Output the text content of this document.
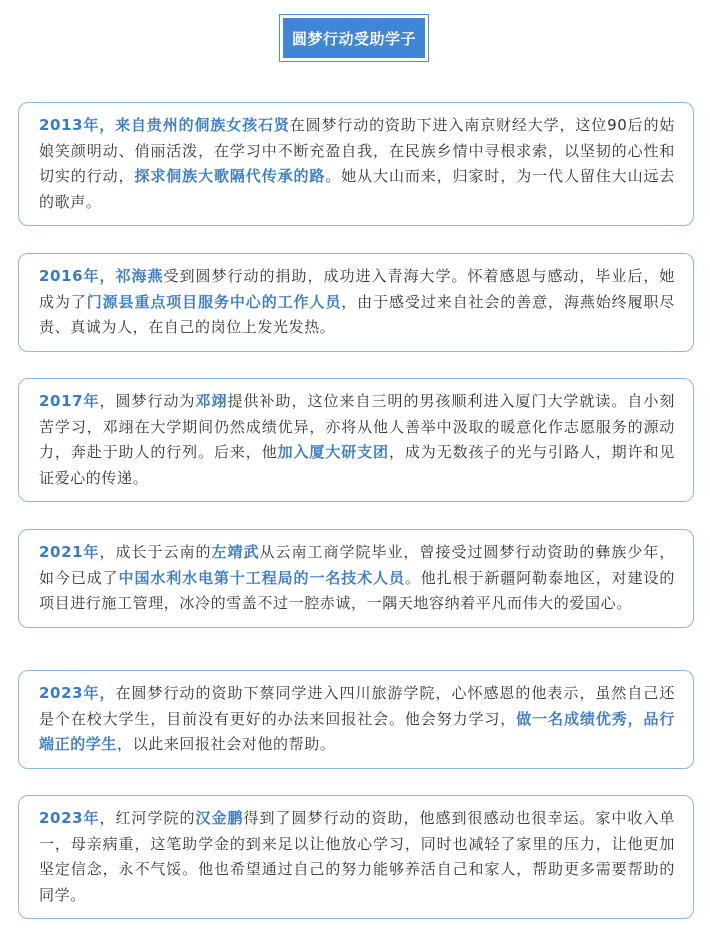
圆梦行动受助学子

2013年，来自贵州的侗族女孩石贤在圆梦行动的资助下进入南京财经大学，这位90后的姑娘笑颜明动、俏丽活泼，在学习中不断充盈自我，在民族乡情中寻根求索，以坚韧的心性和切实的行动，探求侗族大歌隔代传承的路。她从大山而来，归家时，为一代人留住大山远去的歌声。

2016年，祁海燕受到圆梦行动的捐助，成功进入青海大学。怀着感恩与感动，毕业后，她成为了门源县重点项目服务中心的工作人员，由于感受过来自社会的善意，海燕始终履职尽责、真诚为人，在自己的岗位上发光发热。

2017年，圆梦行动为邓翊提供补助，这位来自三明的男孩顺利进入厦门大学就读。自小刻苦学习，邓翊在大学期间仍然成绩优异，亦将从他人善举中汲取的暖意化作志愿服务的源动力，奔赴于助人的行列。后来，他加入厦大研支团，成为无数孩子的光与引路人，期许和见证爱心的传递。

2021年，成长于云南的左靖武从云南工商学院毕业，曾接受过圆梦行动资助的彝族少年，如今已成了中国水利水电第十工程局的一名技术人员。他扎根于新疆阿勒泰地区，对建设的项目进行施工管理，冰冷的雪盖不过一腔赤诚，一隅天地容纳着平凡而伟大的爱国心。

2023年，在圆梦行动的资助下蔡同学进入四川旅游学院，心怀感恩的他表示，虽然自己还是个在校大学生，目前没有更好的办法来回报社会。他会努力学习，做一名成绩优秀，品行端正的学生，以此来回报社会对他的帮助。

2023年，红河学院的汉金鹏得到了圆梦行动的资助，他感到很感动也很幸运。家中收入单一，母亲病重，这笔助学金的到来足以让他放心学习，同时也减轻了家里的压力，让他更加坚定信念，永不气馁。他也希望通过自己的努力能够养活自己和家人，帮助更多需要帮助的同学。
